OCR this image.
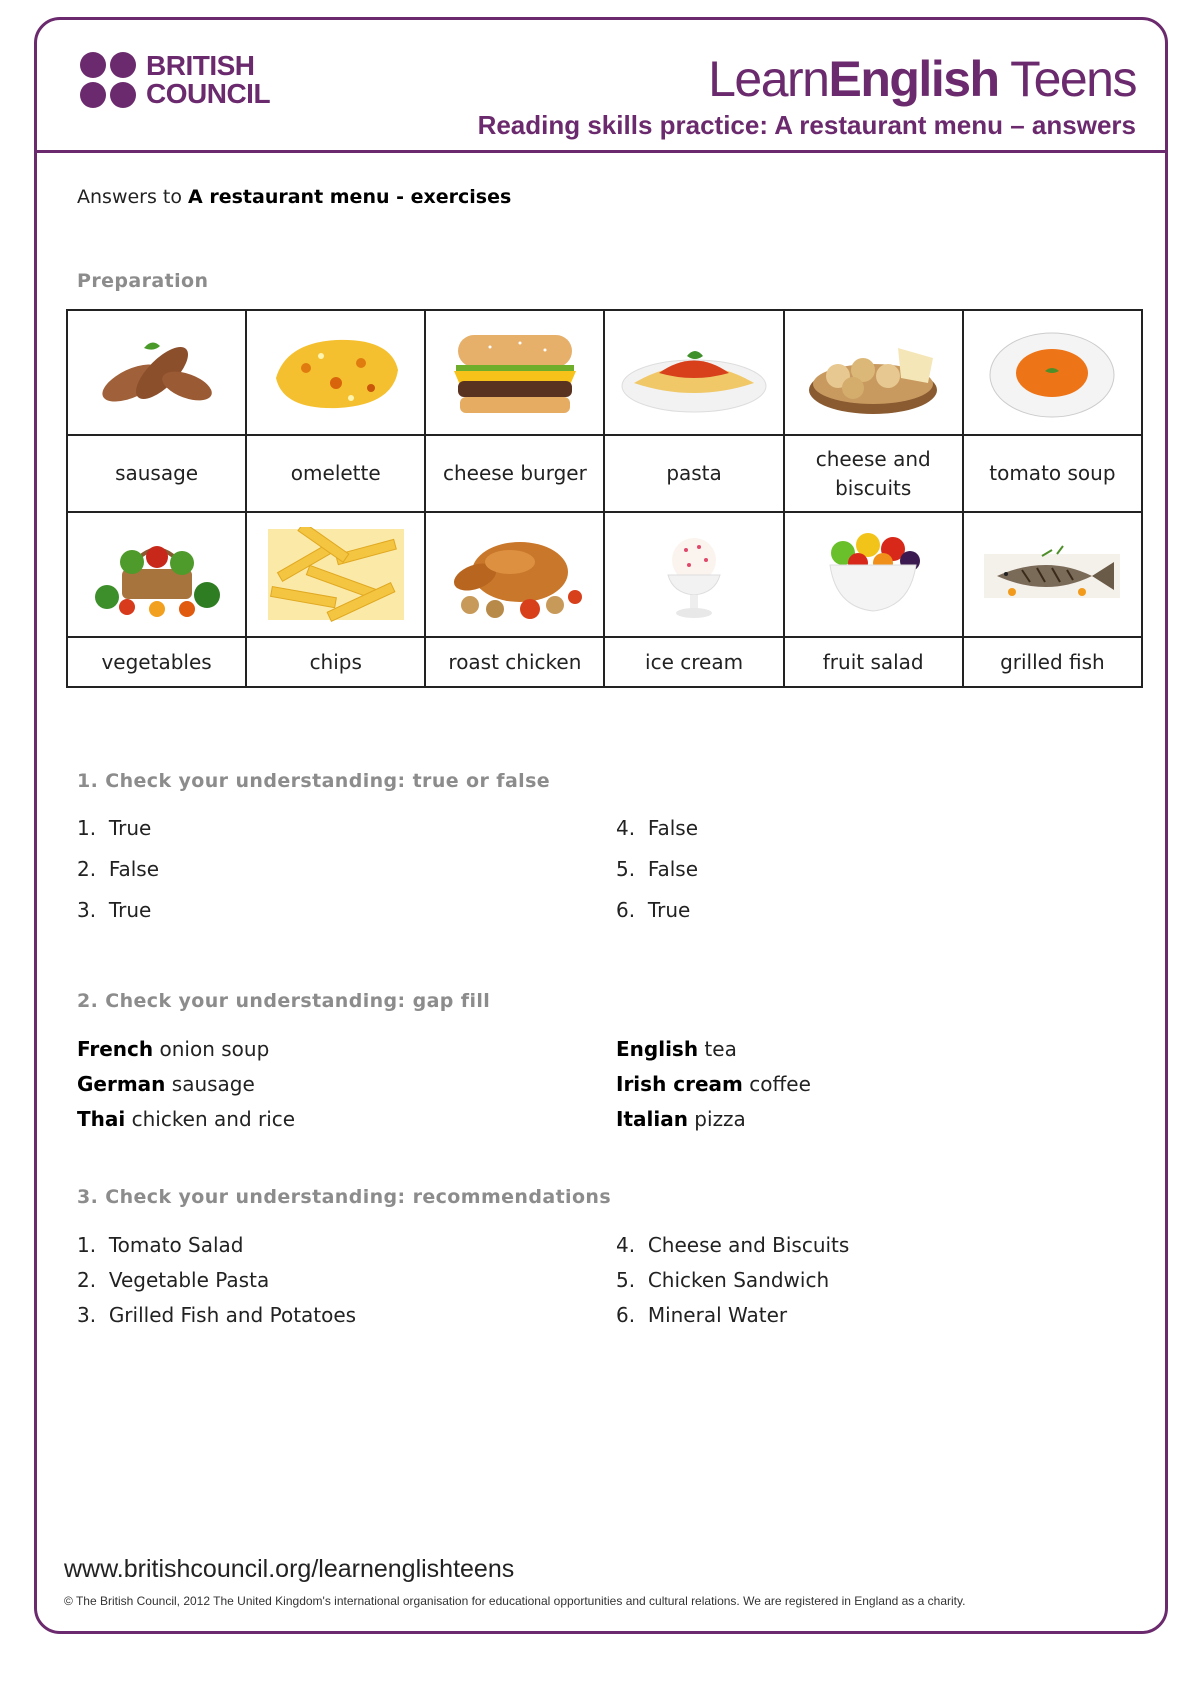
BRITISH
COUNCIL	LearnEnglish Teens
Reading skills practice: A restaurant menu – answers
Answers to A restaurant menu - exercises
Preparation

sausage	omelette	cheese burger	pasta	cheese and biscuits	tomato soup

vegetables	chips	roast chicken	ice cream	fruit salad	grilled fish
1. Check your understanding: true or false
1. True
2. False
3. True
4. False
5. False
6. True
2. Check your understanding: gap fill
French onion soup
German sausage
Thai chicken and rice
English tea
Irish cream coffee
Italian pizza
3. Check your understanding: recommendations
1. Tomato Salad
2. Vegetable Pasta
3. Grilled Fish and Potatoes
4. Cheese and Biscuits
5. Chicken Sandwich
6. Mineral Water
www.britishcouncil.org/learnenglishteens
© The British Council, 2012 The United Kingdom's international organisation for educational opportunities and cultural relations. We are registered in England as a charity.
